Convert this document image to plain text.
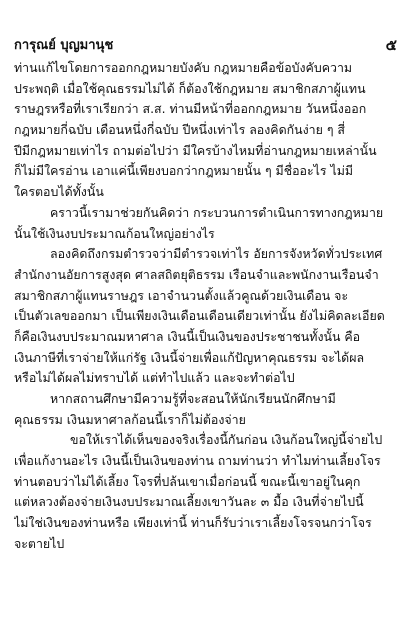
การุณย์ บุญมานุช	๕
ท่านแก้ไขโดยการออกกฎหมายบังคับ กฎหมายคือข้อบังคับความ
ประพฤติ เมื่อใช้คุณธรรมไม่ได้ ก็ต้องใช้กฎหมาย สมาชิกสภาผู้แทน
ราษฎรหรือที่เราเรียกว่า ส.ส. ท่านมีหน้าที่ออกกฎหมาย วันหนึ่งออก
กฎหมายกี่ฉบับ เดือนหนึ่งกี่ฉบับ ปีหนึ่งเท่าไร ลองคิดกันง่าย ๆ สี่
ปีมีกฎหมายเท่าไร ถามต่อไปว่า มีใครบ้างไหมที่อ่านกฎหมายเหล่านั้น
ก็ไม่มีใครอ่าน เอาแค่นี้เพียงบอกว่ากฎหมายนั้น ๆ มีชื่ออะไร ไม่มี
ใครตอบได้ทั้งนั้น
คราวนี้เรามาช่วยกันคิดว่า กระบวนการดำเนินการทางกฎหมาย
นั้นใช้เงินงบประมาณก้อนใหญ่อย่างไร
ลองคิดถึงกรมตำรวจว่ามีตำรวจเท่าไร อัยการจังหวัดทั่วประเทศ
สำนักงานอัยการสูงสุด ศาลสถิตยุติธรรม เรือนจำและพนักงานเรือนจำ
สมาชิกสภาผู้แทนราษฎร เอาจำนวนตั้งแล้วคูณด้วยเงินเดือน จะ
เป็นตัวเลขออกมา เป็นเพียงเงินเดือนเดือนเดียวเท่านั้น ยังไม่คิดละเอียด
ก็คือเงินงบประมาณมหาศาล เงินนี้เป็นเงินของประชาชนทั้งนั้น คือ
เงินภาษีที่เราจ่ายให้แก่รัฐ เงินนี้จ่ายเพื่อแก้ปัญหาคุณธรรม จะได้ผล
หรือไม่ได้ผลไม่ทราบได้ แต่ทำไปแล้ว และจะทำต่อไป
หากสถานศึกษามีความรู้ที่จะสอนให้นักเรียนนักศึกษามี
คุณธรรม เงินมหาศาลก้อนนี้เราก็ไม่ต้องจ่าย
ขอให้เราได้เห็นของจริงเรื่องนี้กันก่อน เงินก้อนใหญ่นี้จ่ายไป
เพื่อแก้งานอะไร เงินนี้เป็นเงินของท่าน ถามท่านว่า ทำไมท่านเลี้ยงโจร
ท่านตอบว่าไม่ได้เลี้ยง โจรที่ปล้นเขาเมื่อก่อนนี้ ขณะนี้เขาอยู่ในคุก
แต่หลวงต้องจ่ายเงินงบประมาณเลี้ยงเขาวันละ ๓ มื้อ เงินที่จ่ายไปนี้
ไม่ใช่เงินของท่านหรือ เพียงเท่านี้ ท่านก็รับว่าเราเลี้ยงโจรจนกว่าโจร
จะตายไป
